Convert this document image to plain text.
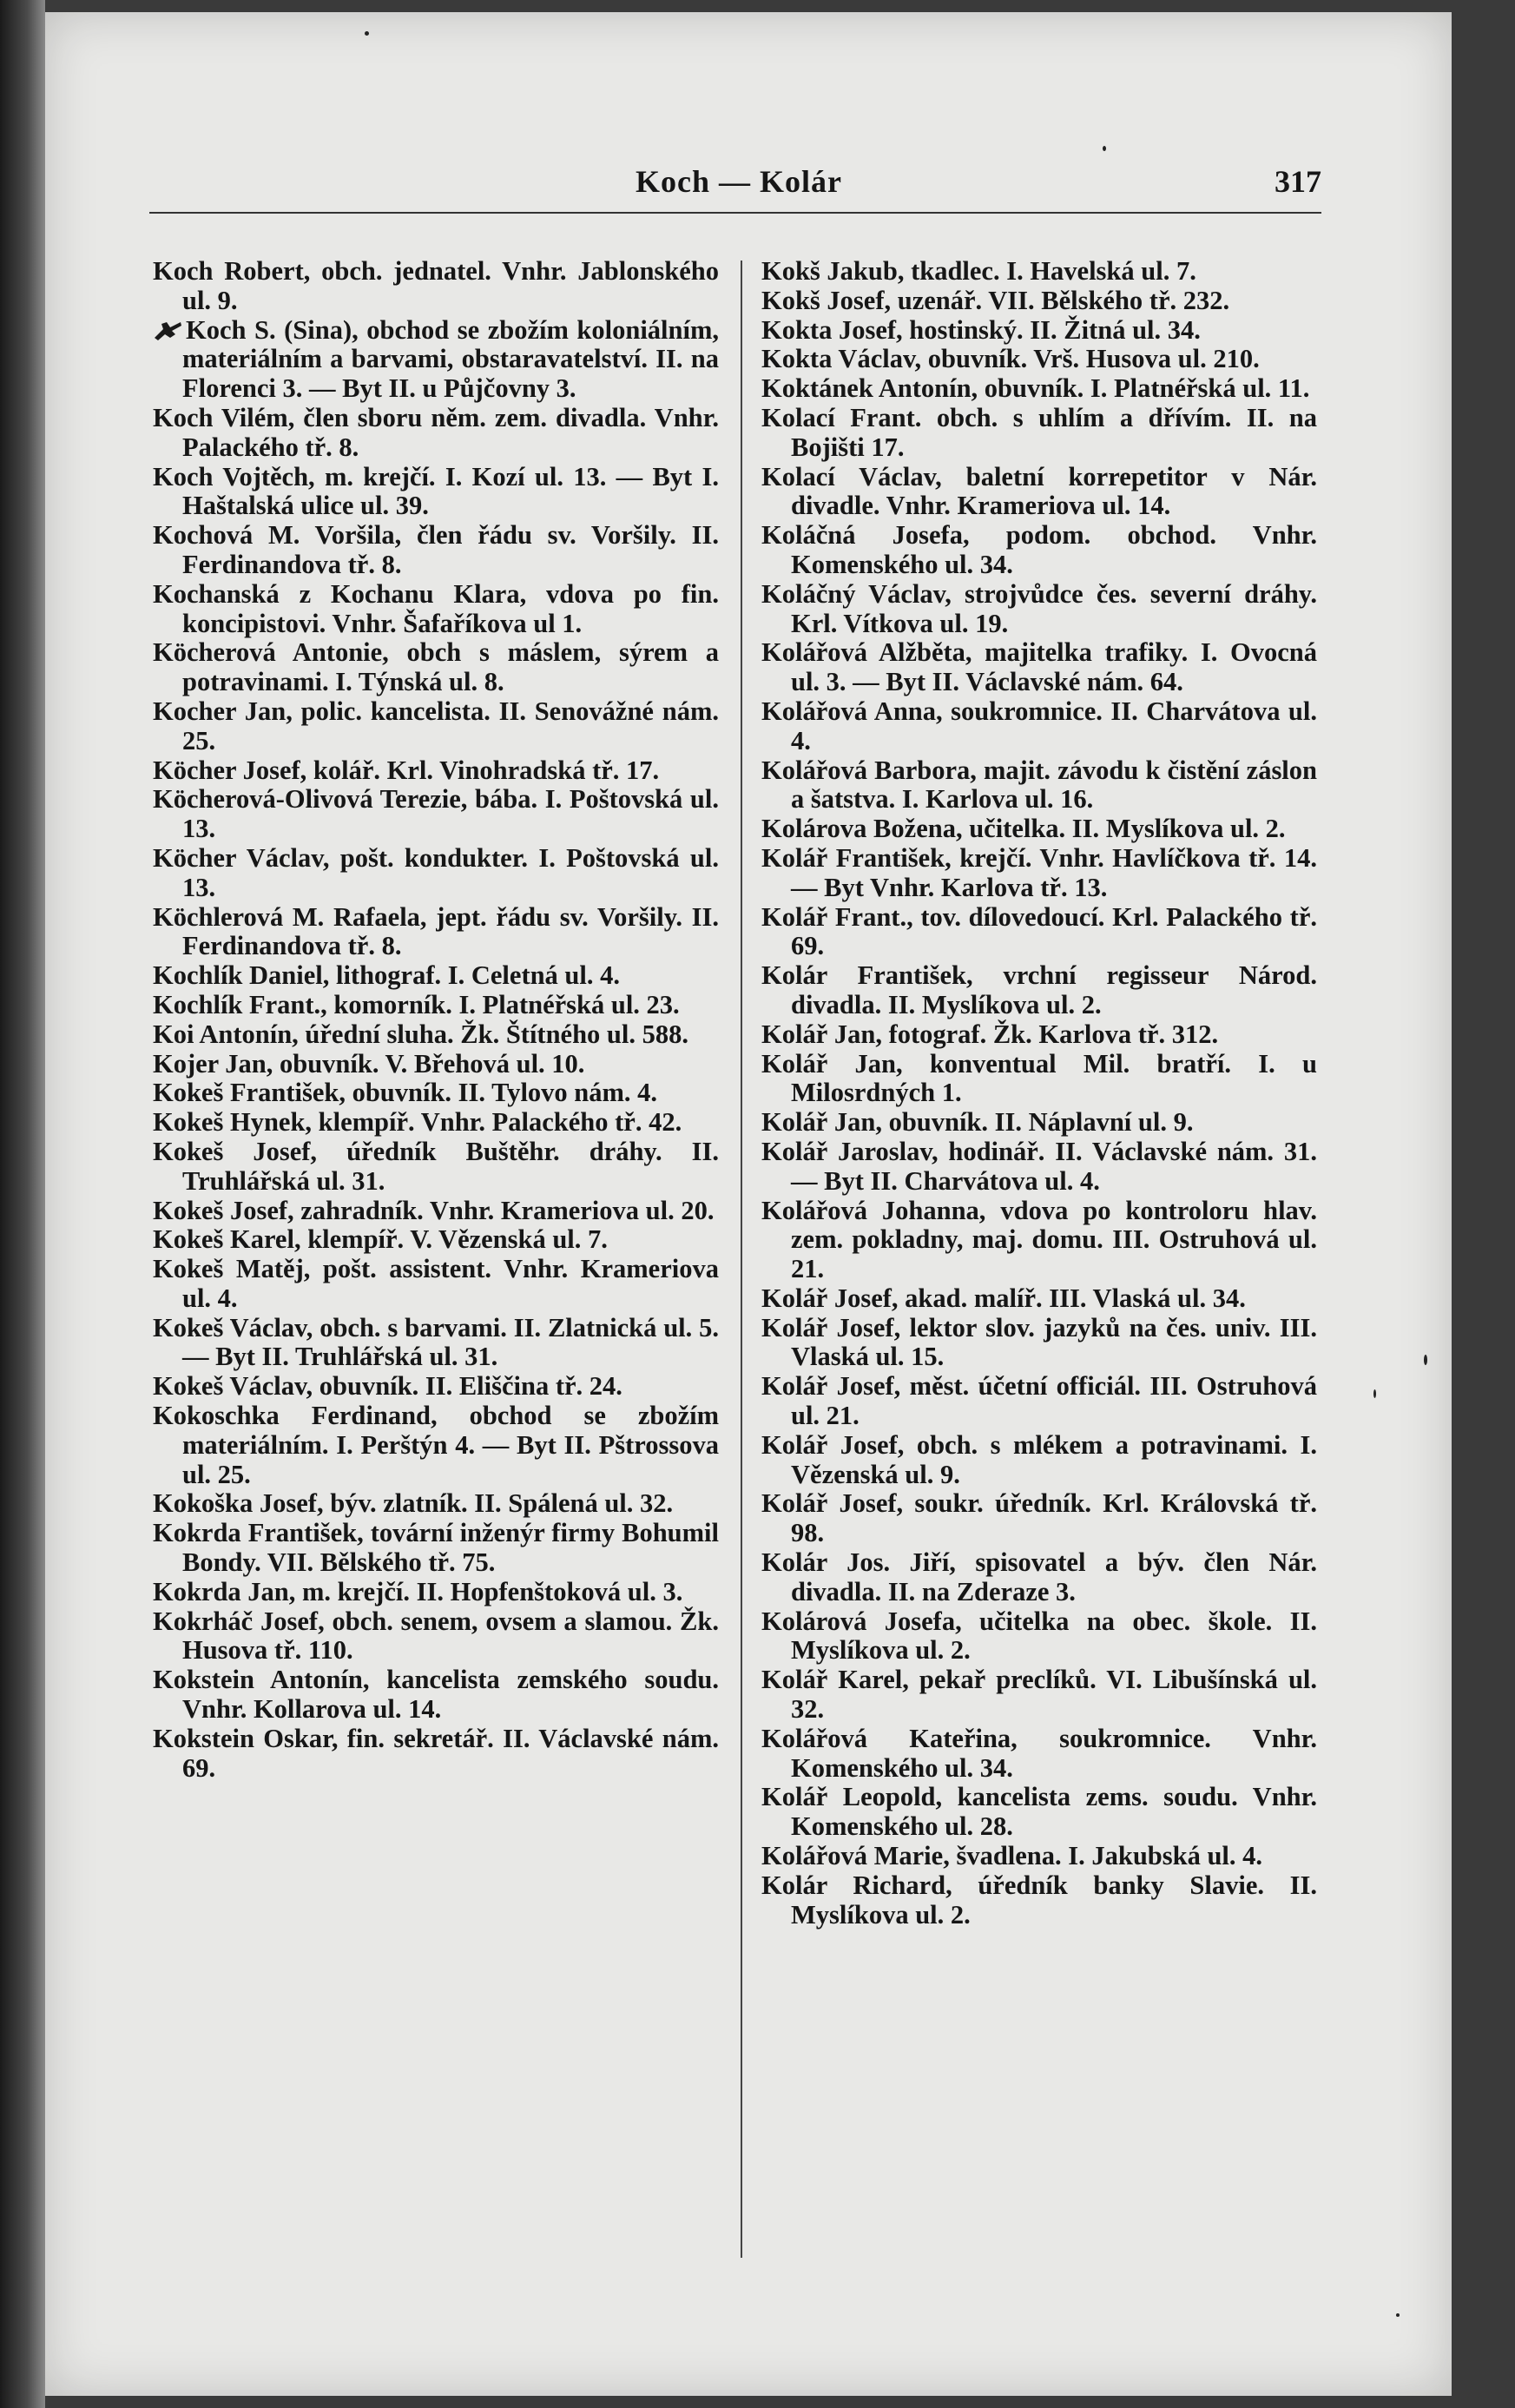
Koch — Kolár	317

Koch Robert, obch. jednatel. Vnhr. Jablonského ul. 9.

Koch S. (Sina), obchod se zbožím koloniálním, materiálním a barvami, obstaravatelství. II. na Florenci 3. — Byt II. u Půjčovny 3.

Koch Vilém, člen sboru něm. zem. divadla. Vnhr. Palackého tř. 8.

Koch Vojtěch, m. krejčí. I. Kozí ul. 13. — Byt I. Haštalská ulice ul. 39.

Kochová M. Voršila, člen řádu sv. Voršily. II. Ferdinandova tř. 8.

Kochanská z Kochanu Klara, vdova po fin. koncipistovi. Vnhr. Šafaříkova ul 1.

Köcherová Antonie, obch s máslem, sýrem a potravinami. I. Týnská ul. 8.

Kocher Jan, polic. kancelista. II. Senovážné nám. 25.

Köcher Josef, kolář. Krl. Vinohradská tř. 17.

Köcherová-Olivová Terezie, bába. I. Poštovská ul. 13.

Köcher Václav, pošt. kondukter. I. Poštovská ul. 13.

Köchlerová M. Rafaela, jept. řádu sv. Voršily. II. Ferdinandova tř. 8.

Kochlík Daniel, lithograf. I. Celetná ul. 4.

Kochlík Frant., komorník. I. Platnéřská ul. 23.

Koi Antonín, úřední sluha. Žk. Štítného ul. 588.

Kojer Jan, obuvník. V. Břehová ul. 10.

Kokeš František, obuvník. II. Tylovo nám. 4.

Kokeš Hynek, klempíř. Vnhr. Palackého tř. 42.

Kokeš Josef, úředník Buštěhr. dráhy. II. Truhlářská ul. 31.

Kokeš Josef, zahradník. Vnhr. Krameriova ul. 20.

Kokeš Karel, klempíř. V. Vězenská ul. 7.

Kokeš Matěj, pošt. assistent. Vnhr. Krameriova ul. 4.

Kokeš Václav, obch. s barvami. II. Zlatnická ul. 5. — Byt II. Truhlářská ul. 31.

Kokeš Václav, obuvník. II. Eliščina tř. 24.

Kokoschka Ferdinand, obchod se zbožím materiálním. I. Perštýn 4. — Byt II. Pštrossova ul. 25.

Kokoška Josef, býv. zlatník. II. Spálená ul. 32.

Kokrda František, tovární inženýr firmy Bohumil Bondy. VII. Bělského tř. 75.

Kokrda Jan, m. krejčí. II. Hopfenštoková ul. 3.

Kokrháč Josef, obch. senem, ovsem a slamou. Žk. Husova tř. 110.

Kokstein Antonín, kancelista zemského soudu. Vnhr. Kollarova ul. 14.

Kokstein Oskar, fin. sekretář. II. Václavské nám. 69.

Kokš Jakub, tkadlec. I. Havelská ul. 7.

Kokš Josef, uzenář. VII. Bělského tř. 232.

Kokta Josef, hostinský. II. Žitná ul. 34.

Kokta Václav, obuvník. Vrš. Husova ul. 210.

Koktánek Antonín, obuvník. I. Platnéřská ul. 11.

Kolací Frant. obch. s uhlím a dřívím. II. na Bojišti 17.

Kolací Václav, baletní korrepetitor v Nár. divadle. Vnhr. Krameriova ul. 14.

Koláčná Josefa, podom. obchod. Vnhr. Komenského ul. 34.

Koláčný Václav, strojvůdce čes. severní dráhy. Krl. Vítkova ul. 19.

Kolářová Alžběta, majitelka trafiky. I. Ovocná ul. 3. — Byt II. Václavské nám. 64.

Kolářová Anna, soukromnice. II. Charvátova ul. 4.

Kolářová Barbora, majit. závodu k čistění záslon a šatstva. I. Karlova ul. 16.

Kolárova Božena, učitelka. II. Myslíkova ul. 2.

Kolář František, krejčí. Vnhr. Havlíčkova tř. 14. — Byt Vnhr. Karlova tř. 13.

Kolář Frant., tov. dílovedoucí. Krl. Palackého tř. 69.

Kolár František, vrchní regisseur Národ. divadla. II. Myslíkova ul. 2.

Kolář Jan, fotograf. Žk. Karlova tř. 312.

Kolář Jan, konventual Mil. bratří. I. u Milosrdných 1.

Kolář Jan, obuvník. II. Náplavní ul. 9.

Kolář Jaroslav, hodinář. II. Václavské nám. 31. — Byt II. Charvátova ul. 4.

Kolářová Johanna, vdova po kontroloru hlav. zem. pokladny, maj. domu. III. Ostruhová ul. 21.

Kolář Josef, akad. malíř. III. Vlaská ul. 34.

Kolář Josef, lektor slov. jazyků na čes. univ. III. Vlaská ul. 15.

Kolář Josef, měst. účetní officiál. III. Ostruhová ul. 21.

Kolář Josef, obch. s mlékem a potravinami. I. Vězenská ul. 9.

Kolář Josef, soukr. úředník. Krl. Královská tř. 98.

Kolár Jos. Jiří, spisovatel a býv. člen Nár. divadla. II. na Zderaze 3.

Kolárová Josefa, učitelka na obec. škole. II. Myslíkova ul. 2.

Kolář Karel, pekař preclíků. VI. Libušínská ul. 32.

Kolářová Kateřina, soukromnice. Vnhr. Komenského ul. 34.

Kolář Leopold, kancelista zems. soudu. Vnhr. Komenského ul. 28.

Kolářová Marie, švadlena. I. Jakubská ul. 4.

Kolár Richard, úředník banky Slavie. II. Myslíkova ul. 2.
